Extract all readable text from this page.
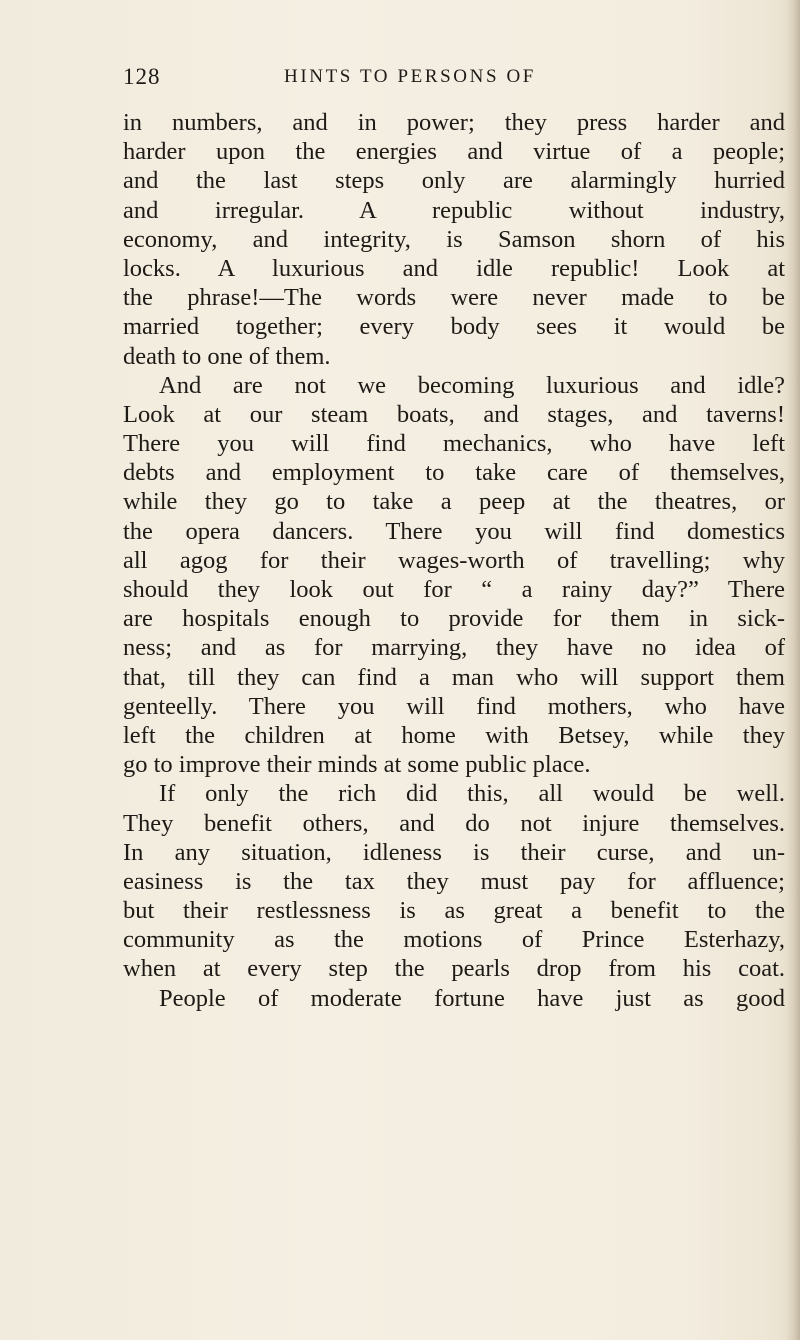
128	HINTS TO PERSONS OF
in numbers, and in power; they press harder and
harder upon the energies and virtue of a people;
and the last steps only are alarmingly hurried
and irregular. A republic without industry,
economy, and integrity, is Samson shorn of his
locks. A luxurious and idle republic! Look at
the phrase!—The words were never made to be
married together; every body sees it would be
death to one of them.
And are not we becoming luxurious and idle?
Look at our steam boats, and stages, and taverns!
There you will find mechanics, who have left
debts and employment to take care of themselves,
while they go to take a peep at the theatres, or
the opera dancers. There you will find domestics
all agog for their wages-worth of travelling; why
should they look out for “ a rainy day?” There
are hospitals enough to provide for them in sick-
ness; and as for marrying, they have no idea of
that, till they can find a man who will support them
genteelly. There you will find mothers, who have
left the children at home with Betsey, while they
go to improve their minds at some public place.
If only the rich did this, all would be well.
They benefit others, and do not injure themselves.
In any situation, idleness is their curse, and un-
easiness is the tax they must pay for affluence;
but their restlessness is as great a benefit to the
community as the motions of Prince Esterhazy,
when at every step the pearls drop from his coat.
People of moderate fortune have just as good
